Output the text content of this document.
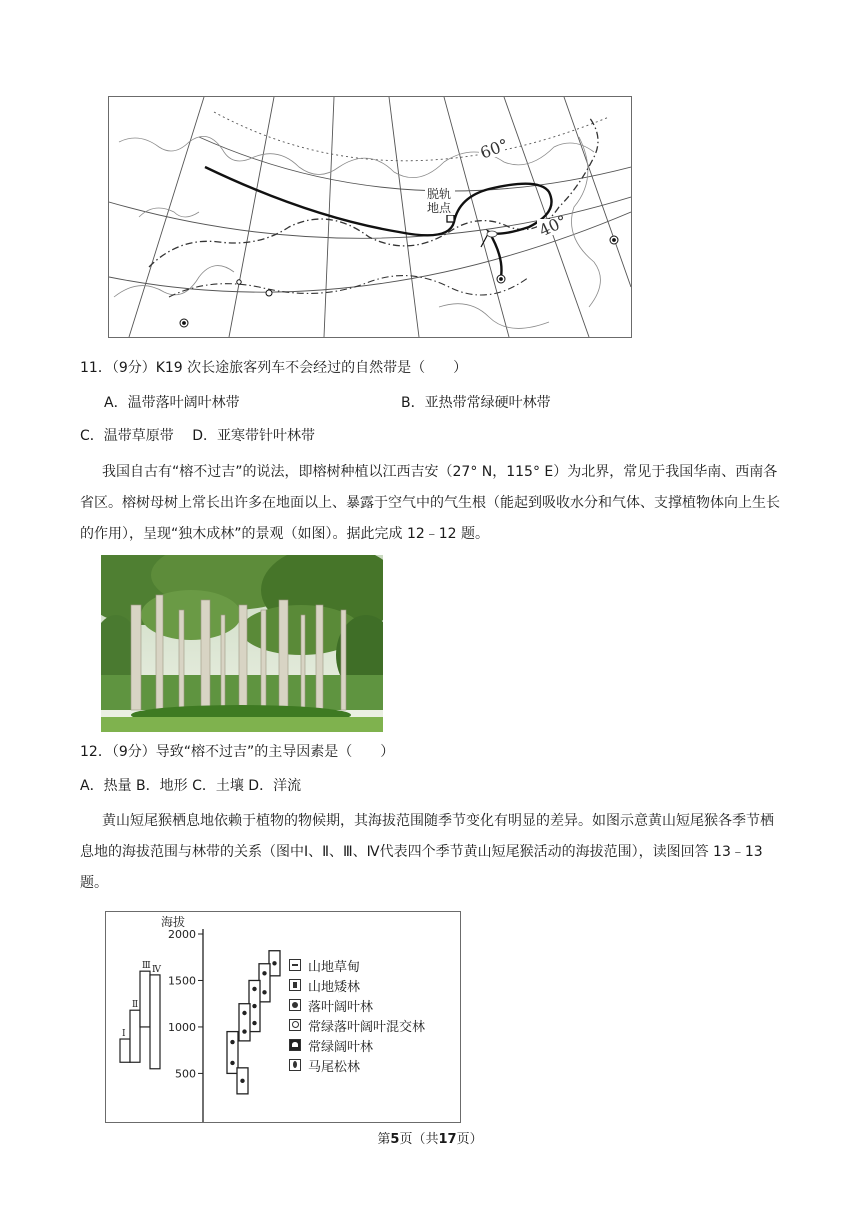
60°
40°
脱轨
地点
11．（9分）K19 次长途旅客列车不会经过的自然带是（　　）
A．温带落叶阔叶林带	B．亚热带常绿硬叶林带
C．温带草原带　 D．亚寒带针叶林带
我国自古有“榕不过吉”的说法，即榕树种植以江西吉安（27° N，115° E）为北界，常见于我国华南、西南各省区。榕树母树上常长出许多在地面以上、暴露于空气中的气生根（能起到吸收水分和气体、支撑植物体向上生长的作用），呈现“独木成林”的景观（如图）。据此完成 12﹣12 题。
12．（9分）导致“榕不过吉”的主导因素是（　　）
A．热量 B．地形 C．土壤 D．洋流
黄山短尾猴栖息地依赖于植物的物候期，其海拔范围随季节变化有明显的差异。如图示意黄山短尾猴各季节栖息地的海拔范围与林带的关系（图中Ⅰ、Ⅱ、Ⅲ、Ⅳ代表四个季节黄山短尾猴活动的海拔范围），读图回答 13﹣13 题。
海拔
2000
1500
1000
500
Ⅰ
Ⅱ
Ⅲ Ⅳ	山地草甸
山地矮林
落叶阔叶林
常绿落叶阔叶混交林
常绿阔叶林
马尾松林
第5页（共17页）
